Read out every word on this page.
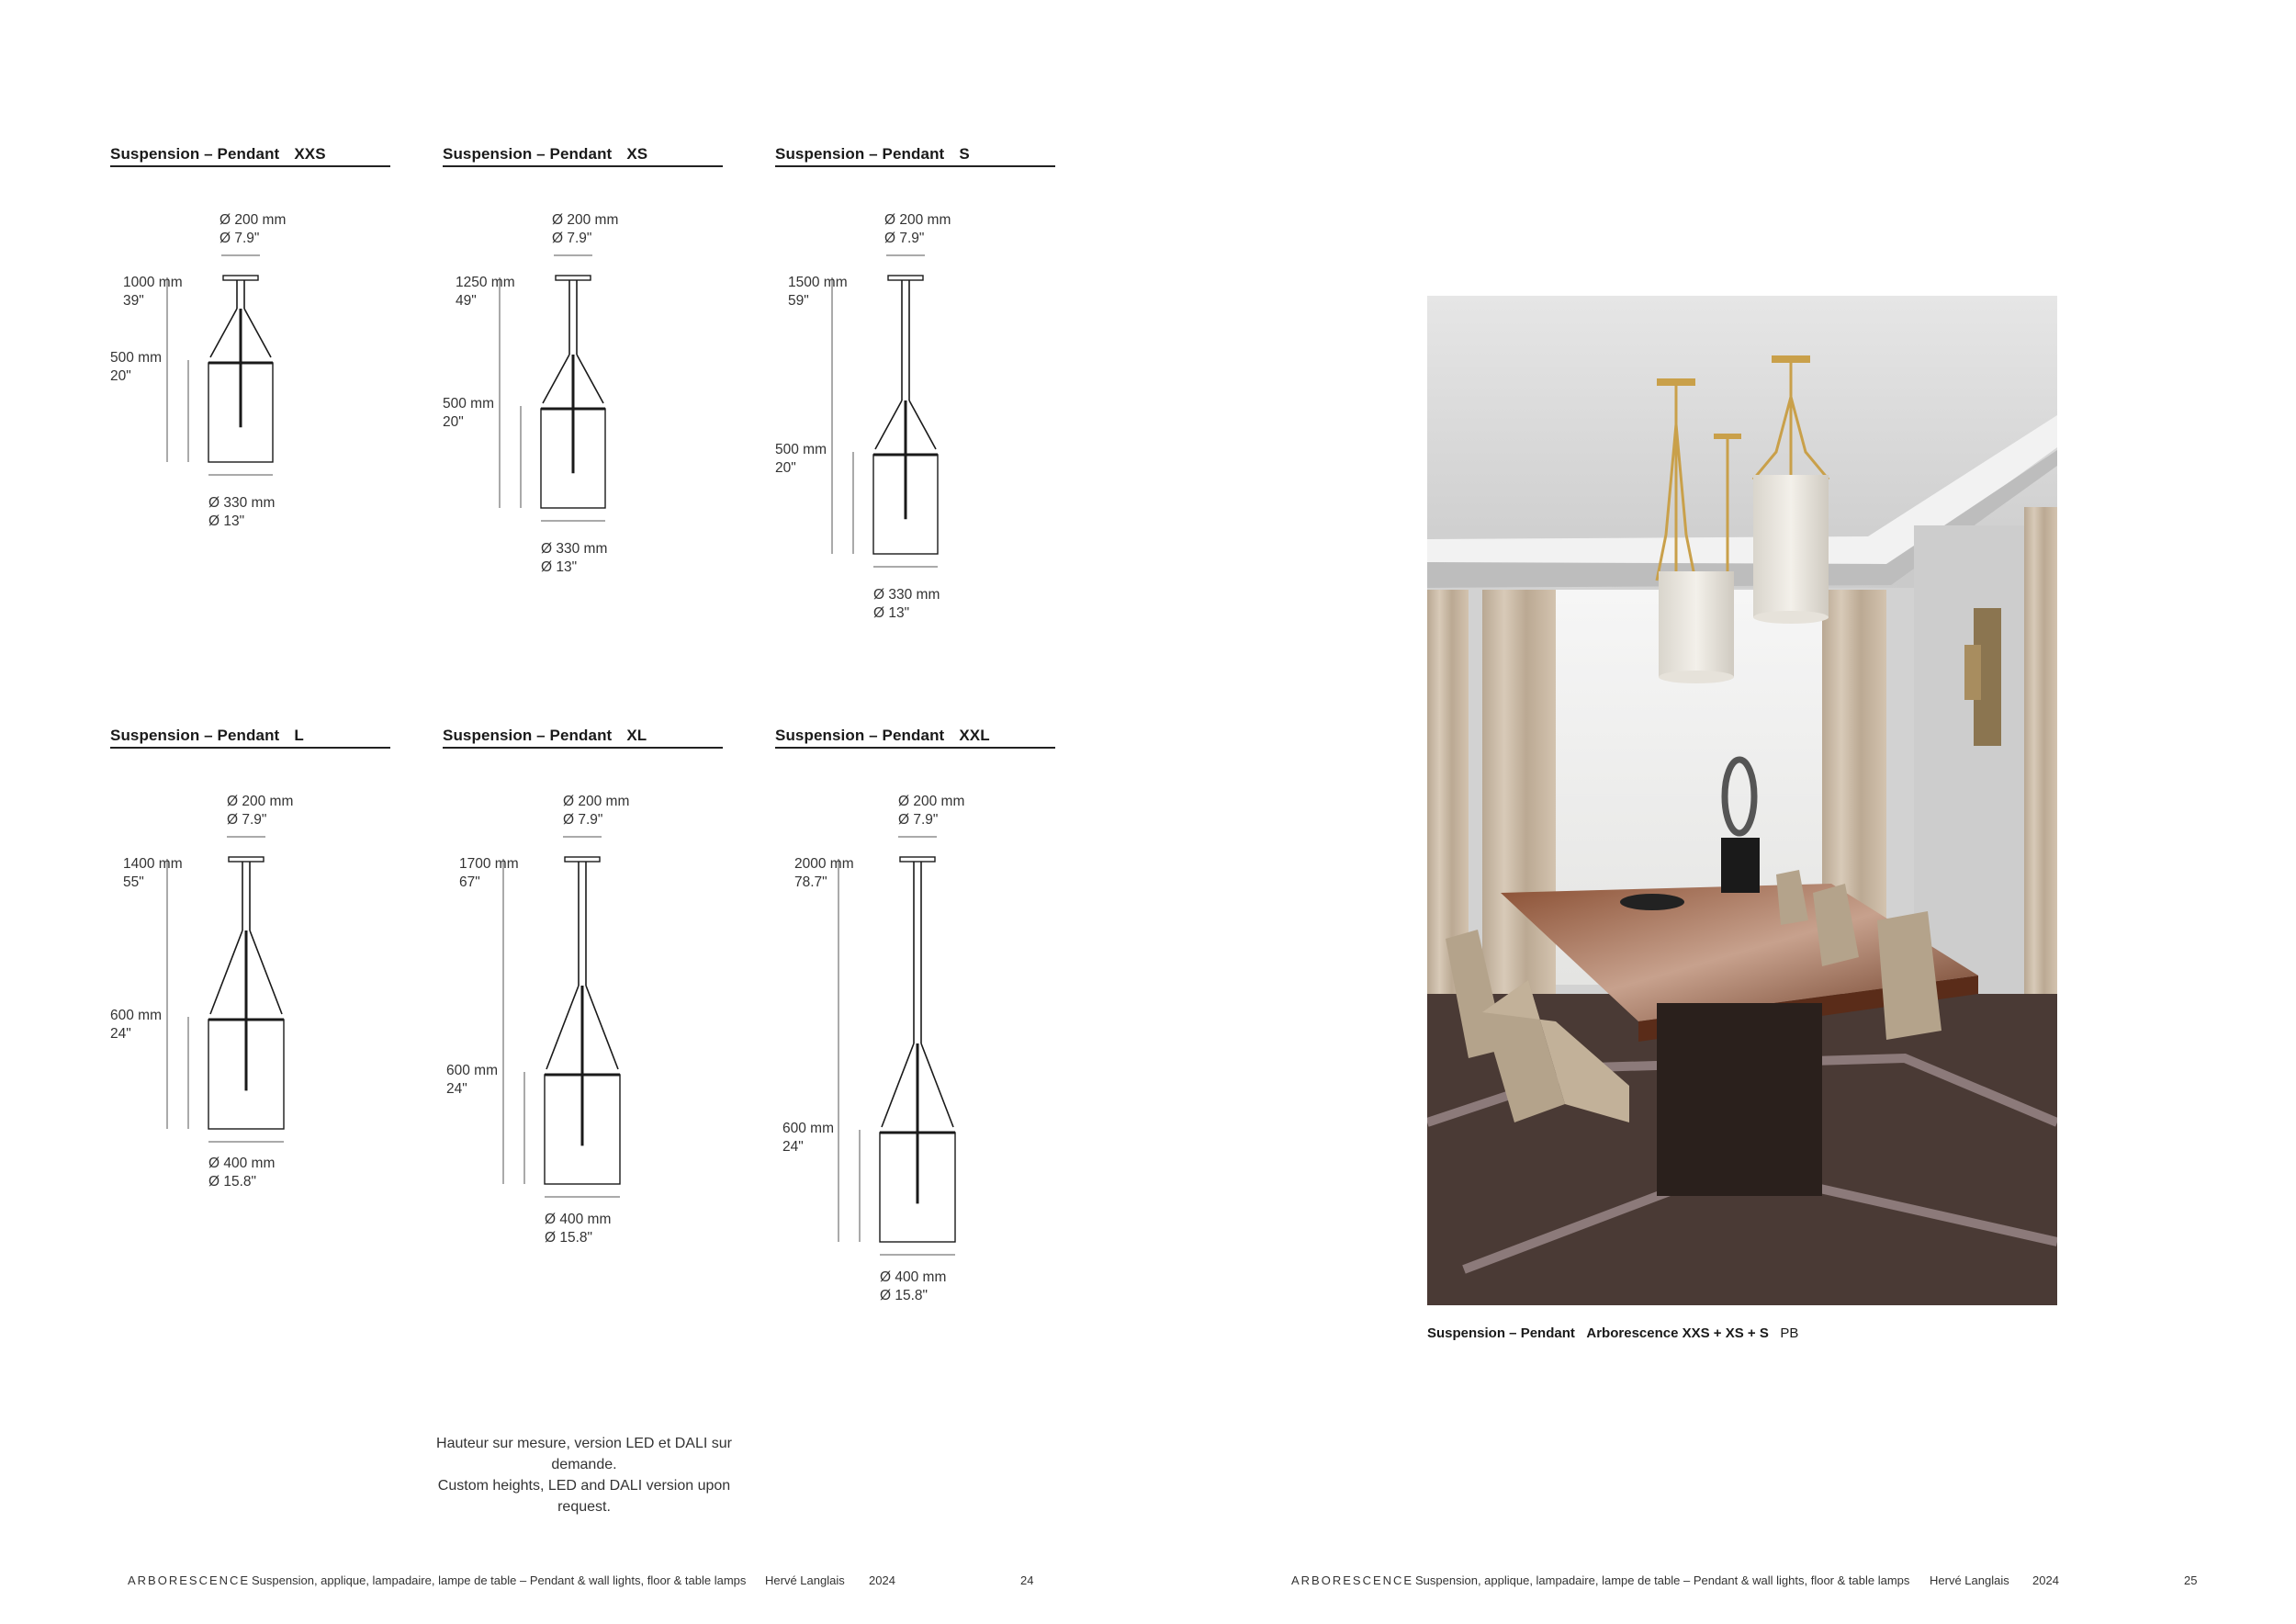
Suspension – Pendant XXS
Ø 200 mm
Ø 7.9"
1000 mm
39"
500 mm
20"
Ø 330 mm
Ø 13"
Suspension – Pendant XS
Ø 200 mm
Ø 7.9"
1250 mm
49"
500 mm
20"
Ø 330 mm
Ø 13"
Suspension – Pendant S
Ø 200 mm
Ø 7.9"
1500 mm
59"
500 mm
20"
Ø 330 mm
Ø 13"
Suspension – Pendant L
Ø 200 mm
Ø 7.9"
1400 mm
55"
600 mm
24"
Ø 400 mm
Ø 15.8"
Suspension – Pendant XL
Ø 200 mm
Ø 7.9"
1700 mm
67"
600 mm
24"
Ø 400 mm
Ø 15.8"
Suspension – Pendant XXL
Ø 200 mm
Ø 7.9"
2000 mm
78.7"
600 mm
24"
Ø 400 mm
Ø 15.8"
Hauteur sur mesure, version LED et DALI sur demande.
Custom heights, LED and DALI version upon request.
ARBORESCENCE Suspension, applique, lampadaire, lampe de table – Pendant & wall lights, floor & table lamps Hervé Langlais 2024	24
Suspension – Pendant Arborescence XXS + XS + S PB
ARBORESCENCE Suspension, applique, lampadaire, lampe de table – Pendant & wall lights, floor & table lamps Hervé Langlais 2024	25
